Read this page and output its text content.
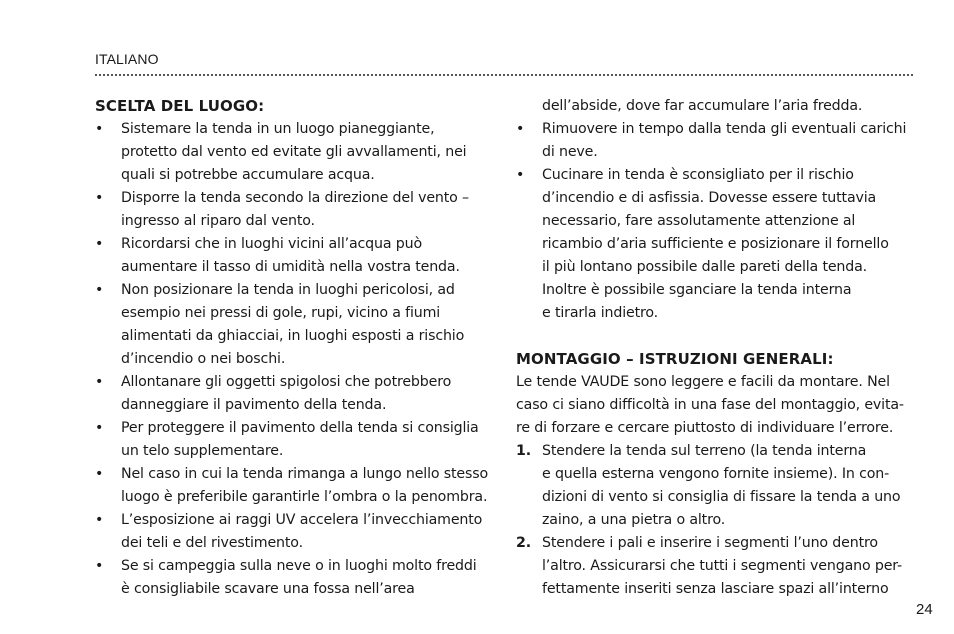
ITALIANO

SCELTA DEL LUOGO:

• Sistemare la tenda in un luogo pianeggiante,

protetto dal vento ed evitate gli avvallamenti, nei

quali si potrebbe accumulare acqua.

• Disporre la tenda secondo la direzione del vento –

ingresso al riparo dal vento.

• Ricordarsi che in luoghi vicini all’acqua può

aumentare il tasso di umidità nella vostra tenda.

• Non posizionare la tenda in luoghi pericolosi, ad

esempio nei pressi di gole, rupi, vicino a fiumi

alimentati da ghiacciai, in luoghi esposti a rischio

d’incendio o nei boschi.

• Allontanare gli oggetti spigolosi che potrebbero

danneggiare il pavimento della tenda.

• Per proteggere il pavimento della tenda si consiglia

un telo supplementare.

• Nel caso in cui la tenda rimanga a lungo nello stesso

luogo è preferibile garantirle l’ombra o la penombra.

• L’esposizione ai raggi UV accelera l’invecchiamento

dei teli e del rivestimento.

• Se si campeggia sulla neve o in luoghi molto freddi

è consigliabile scavare una fossa nell’area

dell’abside, dove far accumulare l’aria fredda.

• Rimuovere in tempo dalla tenda gli eventuali carichi

di neve.

• Cucinare in tenda è sconsigliato per il rischio

d’incendio e di asfissia. Dovesse essere tuttavia

necessario, fare assolutamente attenzione al

ricambio d’aria sufficiente e posizionare il fornello

il più lontano possibile dalle pareti della tenda.

Inoltre è possibile sganciare la tenda interna

e tirarla indietro.

MONTAGGIO – ISTRUZIONI GENERALI:

Le tende VAUDE sono leggere e facili da montare. Nel

caso ci siano difficoltà in una fase del montaggio, evita-

re di forzare e cercare piuttosto di individuare l’errore.

1. Stendere la tenda sul terreno (la tenda interna

e quella esterna vengono fornite insieme). In con-

dizioni di vento si consiglia di fissare la tenda a uno

zaino, a una pietra o altro.

2. Stendere i pali e inserire i segmenti l’uno dentro

l’altro. Assicurarsi che tutti i segmenti vengano per-

fettamente inseriti senza lasciare spazi all’interno

24
